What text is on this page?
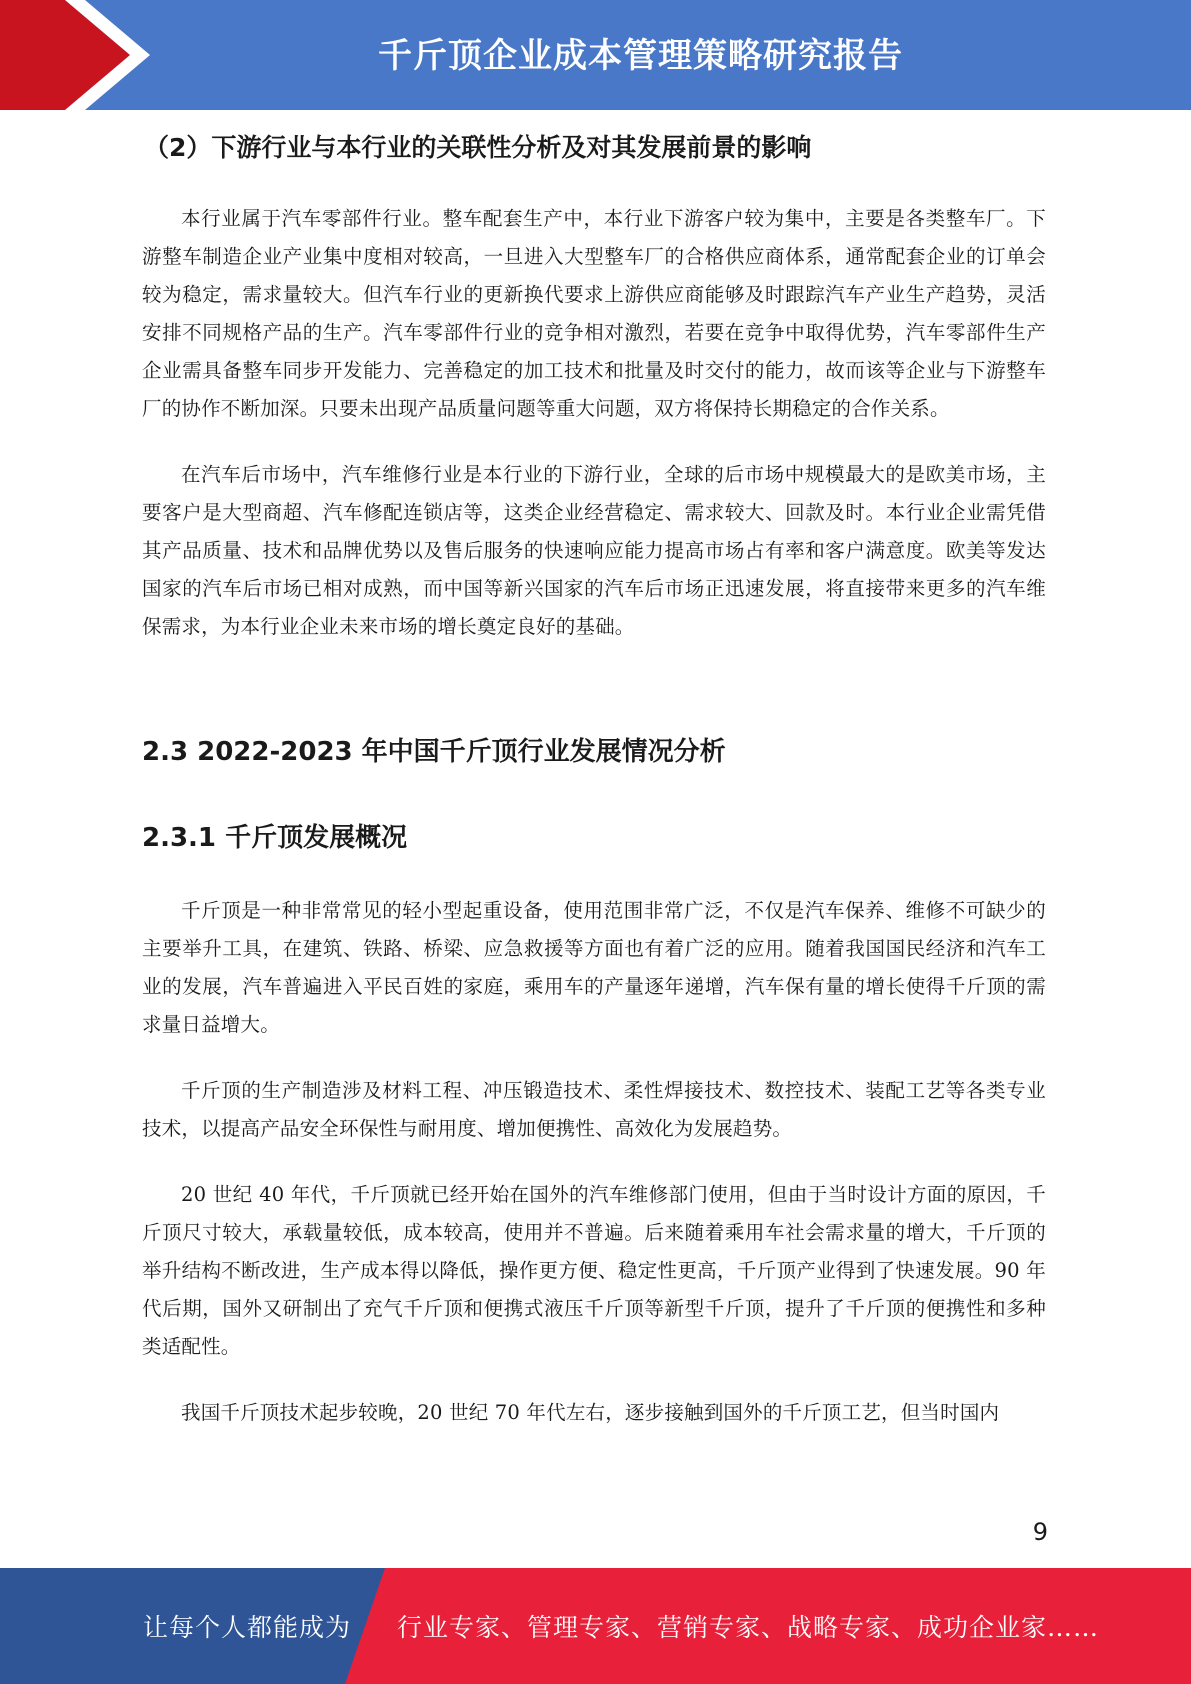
千斤顶企业成本管理策略研究报告
（2）下游行业与本行业的关联性分析及对其发展前景的影响

本行业属于汽车零部件行业。整车配套生产中，本行业下游客户较为集中，主要是各类整车厂。下游整车制造企业产业集中度相对较高，一旦进入大型整车厂的合格供应商体系，通常配套企业的订单会较为稳定，需求量较大。但汽车行业的更新换代要求上游供应商能够及时跟踪汽车产业生产趋势，灵活安排不同规格产品的生产。汽车零部件行业的竞争相对激烈，若要在竞争中取得优势，汽车零部件生产企业需具备整车同步开发能力、完善稳定的加工技术和批量及时交付的能力，故而该等企业与下游整车厂的协作不断加深。只要未出现产品质量问题等重大问题，双方将保持长期稳定的合作关系。

在汽车后市场中，汽车维修行业是本行业的下游行业，全球的后市场中规模最大的是欧美市场，主要客户是大型商超、汽车修配连锁店等，这类企业经营稳定、需求较大、回款及时。本行业企业需凭借其产品质量、技术和品牌优势以及售后服务的快速响应能力提高市场占有率和客户满意度。欧美等发达国家的汽车后市场已相对成熟，而中国等新兴国家的汽车后市场正迅速发展，将直接带来更多的汽车维保需求，为本行业企业未来市场的增长奠定良好的基础。

2.3 2022-2023 年中国千斤顶行业发展情况分析
2.3.1 千斤顶发展概况

千斤顶是一种非常常见的轻小型起重设备，使用范围非常广泛，不仅是汽车保养、维修不可缺少的主要举升工具，在建筑、铁路、桥梁、应急救援等方面也有着广泛的应用。随着我国国民经济和汽车工业的发展，汽车普遍进入平民百姓的家庭，乘用车的产量逐年递增，汽车保有量的增长使得千斤顶的需求量日益增大。

千斤顶的生产制造涉及材料工程、冲压锻造技术、柔性焊接技术、数控技术、装配工艺等各类专业技术，以提高产品安全环保性与耐用度、增加便携性、高效化为发展趋势。

20 世纪 40 年代，千斤顶就已经开始在国外的汽车维修部门使用，但由于当时设计方面的原因，千斤顶尺寸较大，承载量较低，成本较高，使用并不普遍。后来随着乘用车社会需求量的增大，千斤顶的举升结构不断改进，生产成本得以降低，操作更方便、稳定性更高，千斤顶产业得到了快速发展。90 年代后期，国外又研制出了充气千斤顶和便携式液压千斤顶等新型千斤顶，提升了千斤顶的便携性和多种类适配性。

我国千斤顶技术起步较晚，20 世纪 70 年代左右，逐步接触到国外的千斤顶工艺，但当时国内

9
让每个人都能成为 行业专家、管理专家、营销专家、战略专家、成功企业家……
